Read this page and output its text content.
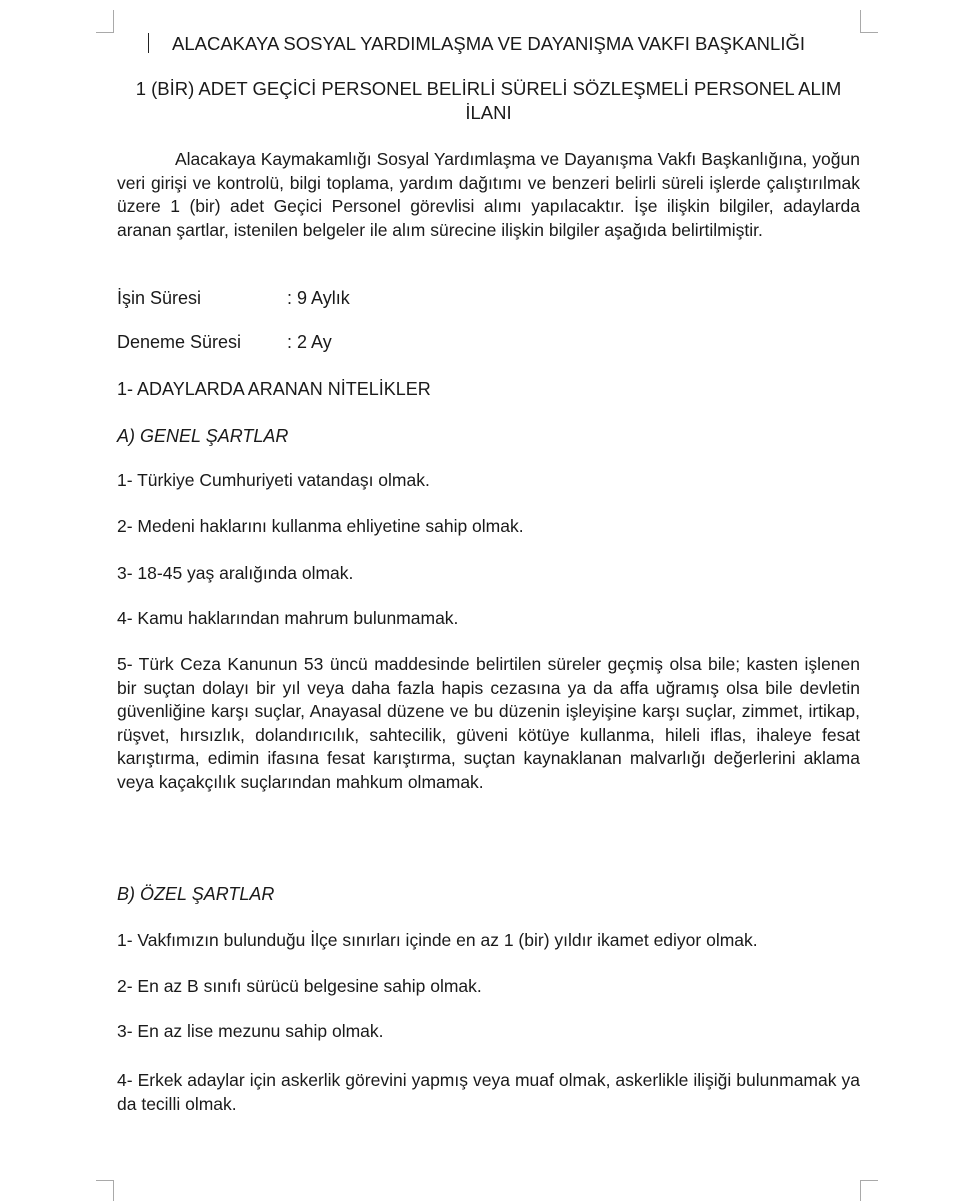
ALACAKAYA SOSYAL YARDIMLAŞMA VE DAYANIŞMA VAKFI BAŞKANLIĞI
1 (BİR) ADET GEÇİCİ PERSONEL BELİRLİ SÜRELİ SÖZLEŞMELİ PERSONEL ALIM
İLANI

Alacakaya Kaymakamlığı Sosyal Yardımlaşma ve Dayanışma Vakfı Başkanlığına, yoğun veri girişi ve kontrolü, bilgi toplama, yardım dağıtımı ve benzeri belirli süreli işlerde çalıştırılmak üzere 1 (bir) adet Geçici Personel görevlisi alımı yapılacaktır. İşe ilişkin bilgiler, adaylarda aranan şartlar, istenilen belgeler ile alım sürecine ilişkin bilgiler aşağıda belirtilmiştir.

İşin Süresi	: 9 Aylık
Deneme Süresi	: 2 Ay
1- ADAYLARDA ARANAN NİTELİKLER
A) GENEL ŞARTLAR
1- Türkiye Cumhuriyeti vatandaşı olmak.
2- Medeni haklarını kullanma ehliyetine sahip olmak.
3- 18-45 yaş aralığında olmak.
4- Kamu haklarından mahrum bulunmamak.
5- Türk Ceza Kanunun 53 üncü maddesinde belirtilen süreler geçmiş olsa bile; kasten işlenen bir suçtan dolayı bir yıl veya daha fazla hapis cezasına ya da affa uğramış olsa bile devletin güvenliğine karşı suçlar, Anayasal düzene ve bu düzenin işleyişine karşı suçlar, zimmet, irtikap, rüşvet, hırsızlık, dolandırıcılık, sahtecilik, güveni kötüye kullanma, hileli iflas, ihaleye fesat karıştırma, edimin ifasına fesat karıştırma, suçtan kaynaklanan malvarlığı değerlerini aklama veya kaçakçılık suçlarından mahkum olmamak.
B) ÖZEL ŞARTLAR
1- Vakfımızın bulunduğu İlçe sınırları içinde en az 1 (bir) yıldır ikamet ediyor olmak.
2- En az B sınıfı sürücü belgesine sahip olmak.
3- En az lise mezunu sahip olmak.
4- Erkek adaylar için askerlik görevini yapmış veya muaf olmak, askerlikle ilişiği bulunmamak ya da tecilli olmak.
